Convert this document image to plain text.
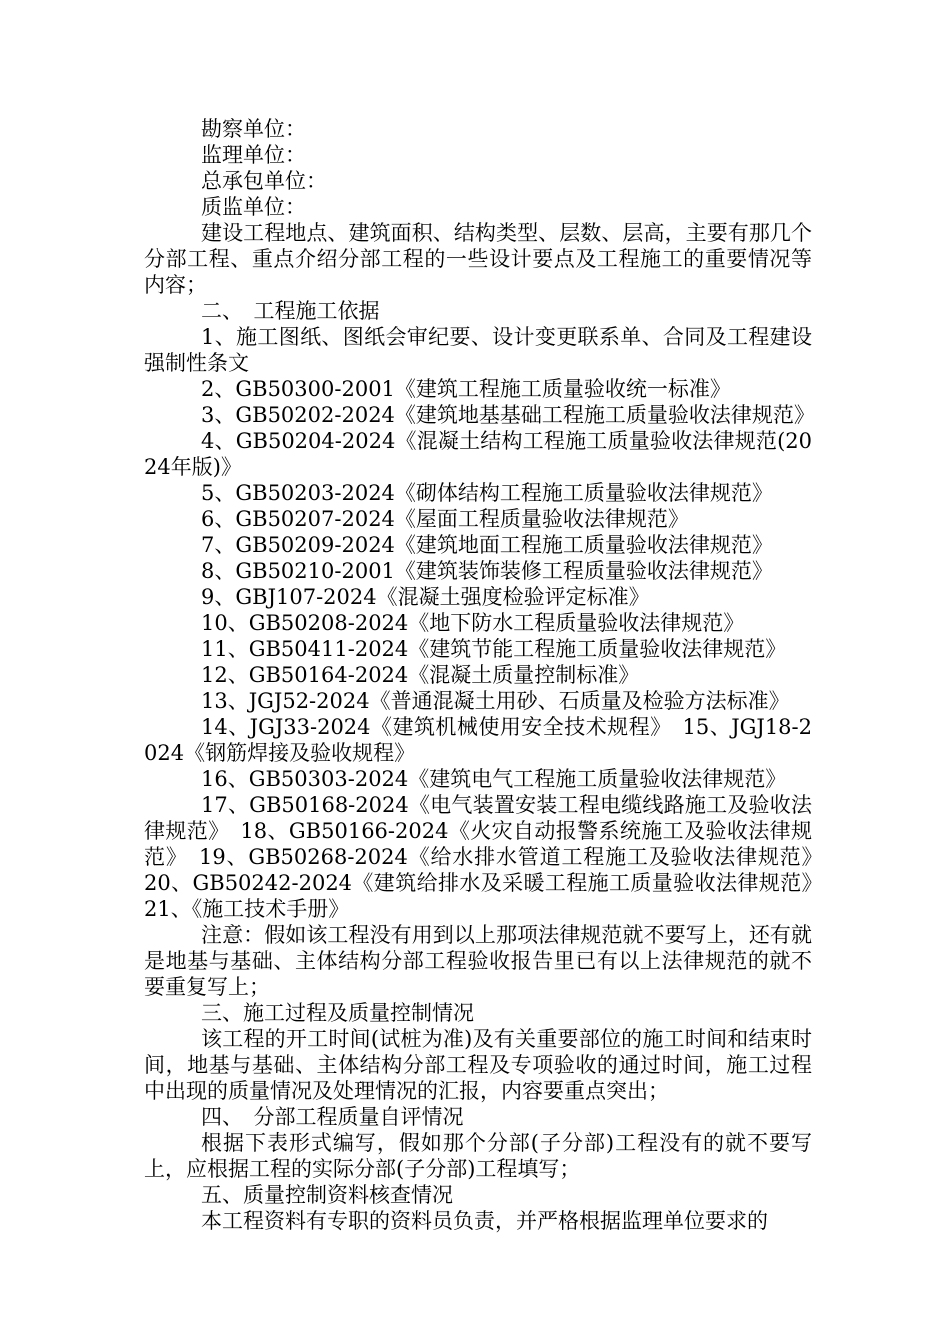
勘察单位：

监理单位：

总承包单位：

质监单位：

建设工程地点、建筑面积、结构类型、层数、层高，主要有那几个分部工程、重点介绍分部工程的一些设计要点及工程施工的重要情况等内容；

二、　工程施工依据

1、施工图纸、图纸会审纪要、设计变更联系单、合同及工程建设强制性条文

2、GB50300-2001《建筑工程施工质量验收统一标准》

3、GB50202-2024《建筑地基基础工程施工质量验收法律规范》

4、GB50204-2024《混凝土结构工程施工质量验收法律规范(2024年版)》

5、GB50203-2024《砌体结构工程施工质量验收法律规范》

6、GB50207-2024《屋面工程质量验收法律规范》

7、GB50209-2024《建筑地面工程施工质量验收法律规范》

8、GB50210-2001《建筑装饰装修工程质量验收法律规范》

9、GBJ107-2024《混凝土强度检验评定标准》

10、GB50208-2024《地下防水工程质量验收法律规范》

11、GB50411-2024《建筑节能工程施工质量验收法律规范》

12、GB50164-2024《混凝土质量控制标准》

13、JGJ52-2024《普通混凝土用砂、石质量及检验方法标准》

14、JGJ33-2024《建筑机械使用安全技术规程》　15、JGJ18-2024《钢筋焊接及验收规程》

16、GB50303-2024《建筑电气工程施工质量验收法律规范》

17、GB50168-2024《电气装置安装工程电缆线路施工及验收法律规范》　18、GB50166-2024《火灾自动报警系统施工及验收法律规范》　19、GB50268-2024《给水排水管道工程施工及验收法律规范》　20、GB50242-2024《建筑给排水及采暖工程施工质量验收法律规范》　21、《施工技术手册》

注意：假如该工程没有用到以上那项法律规范就不要写上，还有就是地基与基础、主体结构分部工程验收报告里已有以上法律规范的就不要重复写上；

三、施工过程及质量控制情况

该工程的开工时间(试桩为准)及有关重要部位的施工时间和结束时间，地基与基础、主体结构分部工程及专项验收的通过时间，施工过程中出现的质量情况及处理情况的汇报，内容要重点突出；

四、　分部工程质量自评情况

根据下表形式编写，假如那个分部(子分部)工程没有的就不要写上，应根据工程的实际分部(子分部)工程填写；

五、质量控制资料核查情况

本工程资料有专职的资料员负责，并严格根据监理单位要求的
